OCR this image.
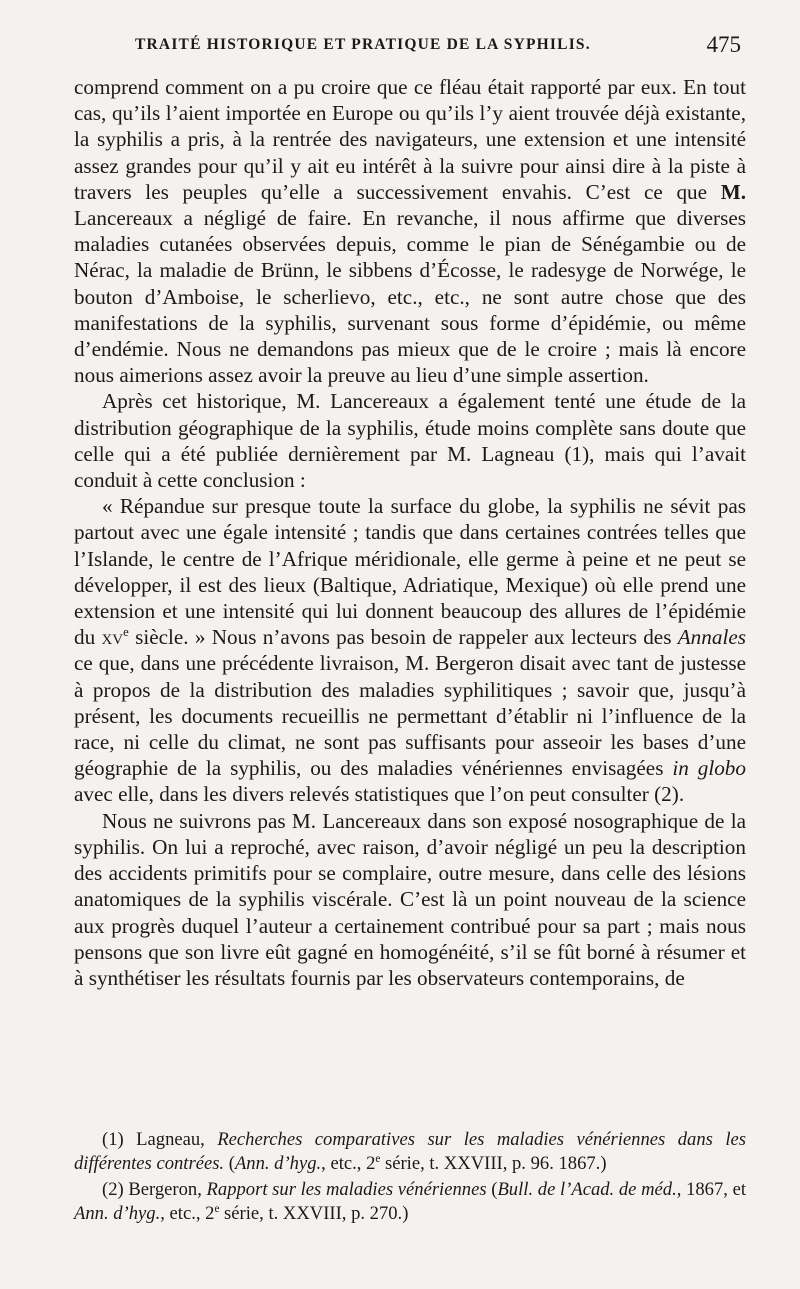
TRAITÉ HISTORIQUE ET PRATIQUE DE LA SYPHILIS.	475

comprend comment on a pu croire que ce fléau était rapporté par eux. En tout cas, qu’ils l’aient importée en Europe ou qu’ils l’y aient trouvée déjà existante, la syphilis a pris, à la rentrée des navigateurs, une extension et une intensité assez grandes pour qu’il y ait eu intérêt à la suivre pour ainsi dire à la piste à travers les peuples qu’elle a successivement envahis. C’est ce que M. Lancereaux a négligé de faire. En revanche, il nous affirme que diverses maladies cutanées observées depuis, comme le pian de Sénégambie ou de Nérac, la maladie de Brünn, le sibbens d’Écosse, le radesyge de Norwége, le bouton d’Amboise, le scherlievo, etc., etc., ne sont autre chose que des manifestations de la syphilis, survenant sous forme d’épidémie, ou même d’endémie. Nous ne demandons pas mieux que de le croire ; mais là encore nous aimerions assez avoir la preuve au lieu d’une simple assertion.

Après cet historique, M. Lancereaux a également tenté une étude de la distribution géographique de la syphilis, étude moins complète sans doute que celle qui a été publiée dernièrement par M. Lagneau (1), mais qui l’avait conduit à cette conclusion :

« Répandue sur presque toute la surface du globe, la syphilis ne sévit pas partout avec une égale intensité ; tandis que dans certaines contrées telles que l’Islande, le centre de l’Afrique méridionale, elle germe à peine et ne peut se développer, il est des lieux (Baltique, Adriatique, Mexique) où elle prend une extension et une intensité qui lui donnent beaucoup des allures de l’épidémie du $xv^e$ siècle. » Nous n’avons pas besoin de rappeler aux lecteurs des Annales ce que, dans une précédente livraison, M. Bergeron disait avec tant de justesse à propos de la distribution des maladies syphilitiques ; savoir que, jusqu’à présent, les documents recueillis ne permettant d’établir ni l’influence de la race, ni celle du climat, ne sont pas suffisants pour asseoir les bases d’une géographie de la syphilis, ou des maladies vénériennes envisagées in globo avec elle, dans les divers relevés statistiques que l’on peut consulter (2).

Nous ne suivrons pas M. Lancereaux dans son exposé nosographique de la syphilis. On lui a reproché, avec raison, d’avoir négligé un peu la description des accidents primitifs pour se complaire, outre mesure, dans celle des lésions anatomiques de la syphilis viscérale. C’est là un point nouveau de la science aux progrès duquel l’auteur a certainement contribué pour sa part ; mais nous pensons que son livre eût gagné en homogénéité, s’il se fût borné à résumer et à synthétiser les résultats fournis par les observateurs contemporains, de

(1) Lagneau, Recherches comparatives sur les maladies vénériennes dans les différentes contrées. (Ann. d’hyg., etc., 2e série, t. XXVIII, p. 96. 1867.)

(2) Bergeron, Rapport sur les maladies vénériennes (Bull. de l’Acad. de méd., 1867, et Ann. d’hyg., etc., 2e série, t. XXVIII, p. 270.)
